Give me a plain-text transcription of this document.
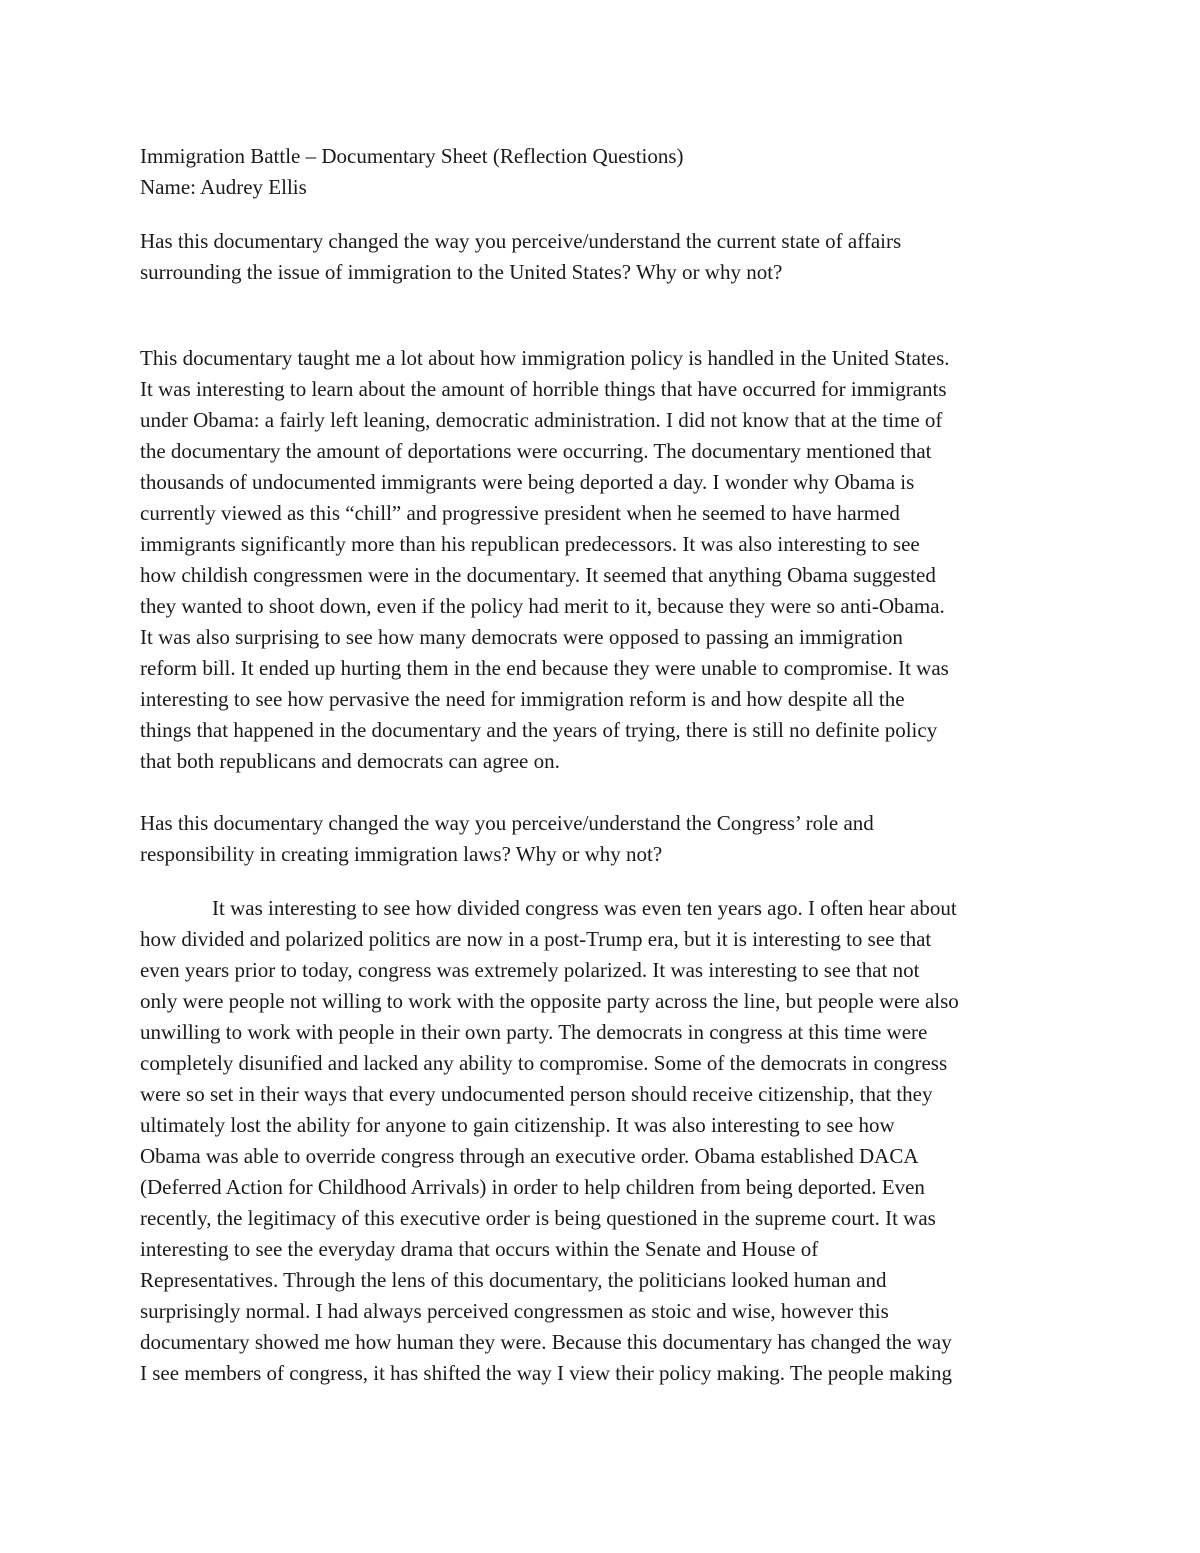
Immigration Battle – Documentary Sheet (Reflection Questions)
Name: Audrey Ellis
Has this documentary changed the way you perceive/understand the current state of affairs
surrounding the issue of immigration to the United States? Why or why not?
This documentary taught me a lot about how immigration policy is handled in the United States.
It was interesting to learn about the amount of horrible things that have occurred for immigrants
under Obama: a fairly left leaning, democratic administration. I did not know that at the time of
the documentary the amount of deportations were occurring. The documentary mentioned that
thousands of undocumented immigrants were being deported a day. I wonder why Obama is
currently viewed as this “chill” and progressive president when he seemed to have harmed
immigrants significantly more than his republican predecessors. It was also interesting to see
how childish congressmen were in the documentary. It seemed that anything Obama suggested
they wanted to shoot down, even if the policy had merit to it, because they were so anti-Obama.
It was also surprising to see how many democrats were opposed to passing an immigration
reform bill. It ended up hurting them in the end because they were unable to compromise. It was
interesting to see how pervasive the need for immigration reform is and how despite all the
things that happened in the documentary and the years of trying, there is still no definite policy
that both republicans and democrats can agree on.
Has this documentary changed the way you perceive/understand the Congress’ role and
responsibility in creating immigration laws? Why or why not?
It was interesting to see how divided congress was even ten years ago. I often hear about
how divided and polarized politics are now in a post-Trump era, but it is interesting to see that
even years prior to today, congress was extremely polarized. It was interesting to see that not
only were people not willing to work with the opposite party across the line, but people were also
unwilling to work with people in their own party. The democrats in congress at this time were
completely disunified and lacked any ability to compromise. Some of the democrats in congress
were so set in their ways that every undocumented person should receive citizenship, that they
ultimately lost the ability for anyone to gain citizenship. It was also interesting to see how
Obama was able to override congress through an executive order. Obama established DACA
(Deferred Action for Childhood Arrivals) in order to help children from being deported. Even
recently, the legitimacy of this executive order is being questioned in the supreme court. It was
interesting to see the everyday drama that occurs within the Senate and House of
Representatives. Through the lens of this documentary, the politicians looked human and
surprisingly normal. I had always perceived congressmen as stoic and wise, however this
documentary showed me how human they were. Because this documentary has changed the way
I see members of congress, it has shifted the way I view their policy making. The people making
